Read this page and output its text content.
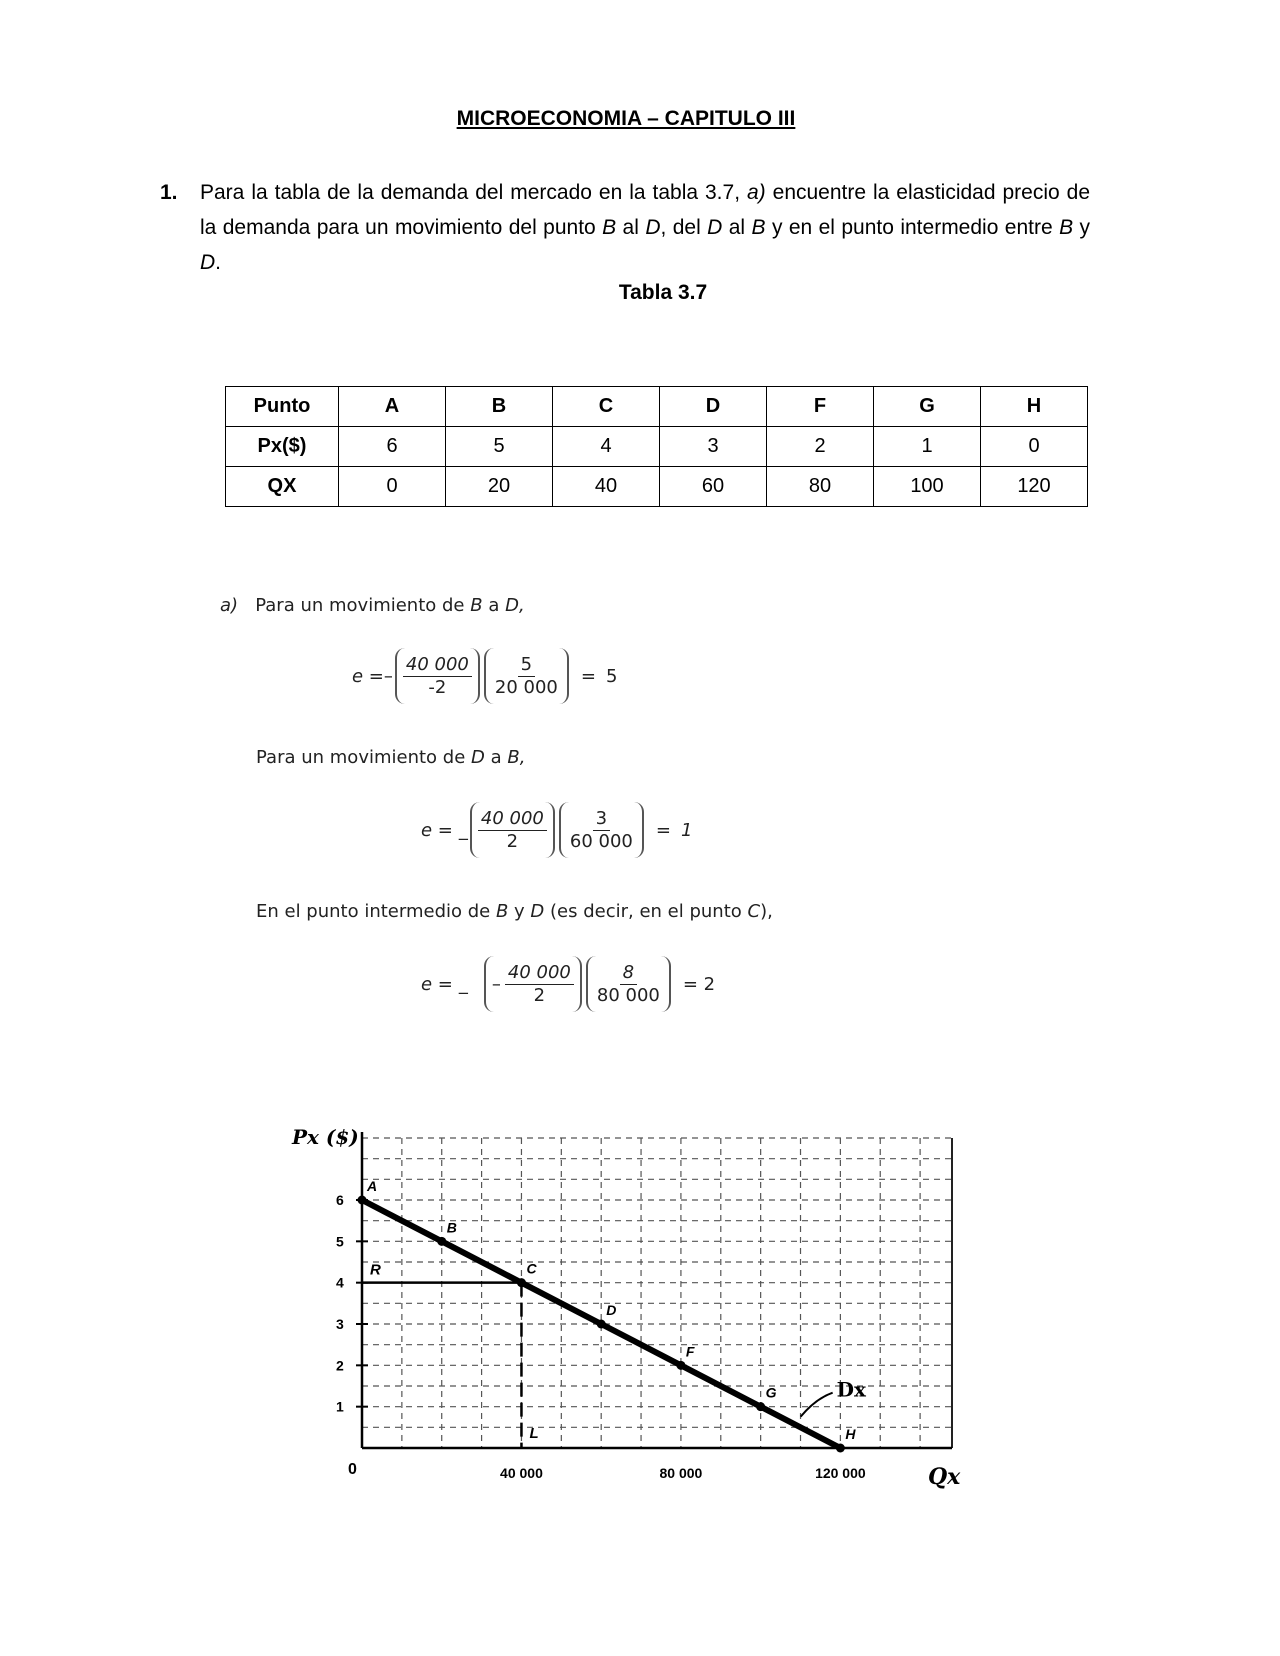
MICROECONOMIA – CAPITULO III
1. Para la tabla de la demanda del mercado en la tabla 3.7, a) encuentre la elasticidad precio de la demanda para un movimiento del punto B al D, del D al B y en el punto intermedio entre B y D.
Tabla 3.7
Punto	A	B	C	D	F	G	H
Px($)	6	5	4	3	2	1	0
QX	0	20	40	60	80	100	120
a) Para un movimiento de B a D,
e = – $\frac{40 000}{-2} \frac{5}{20 000} = 5$
Para un movimiento de D a B,
e = _ $\frac{40 000}{2} \frac{3}{60 000} = 1$
En el punto intermedio de B y D (es decir, en el punto C),
e = _ – $\frac{40 000}{2} \frac{8}{80 000} = 2$
Px ($)
Qx
0
1
2
3
4
5
6
40 000	80 000	120 000
R
L
A
B
C
D
F
G
H
Dx
